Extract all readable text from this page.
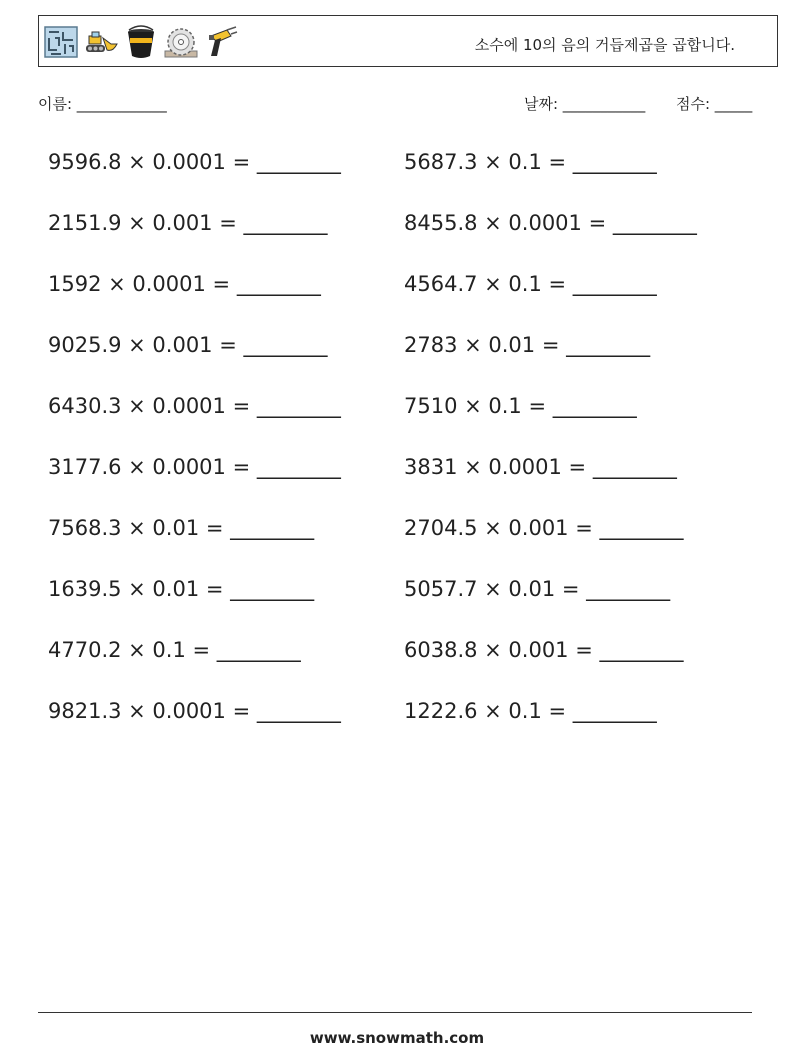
소수에 10의 음의 거듭제곱을 곱합니다.
이름: ____________	날짜: ___________ 점수: _____
9596.8 × 0.0001 = ________
2151.9 × 0.001 = ________
1592 × 0.0001 = ________
9025.9 × 0.001 = ________
6430.3 × 0.0001 = ________
3177.6 × 0.0001 = ________
7568.3 × 0.01 = ________
1639.5 × 0.01 = ________
4770.2 × 0.1 = ________
9821.3 × 0.0001 = ________
5687.3 × 0.1 = ________
8455.8 × 0.0001 = ________
4564.7 × 0.1 = ________
2783 × 0.01 = ________
7510 × 0.1 = ________
3831 × 0.0001 = ________
2704.5 × 0.001 = ________
5057.7 × 0.01 = ________
6038.8 × 0.001 = ________
1222.6 × 0.1 = ________
www.snowmath.com
